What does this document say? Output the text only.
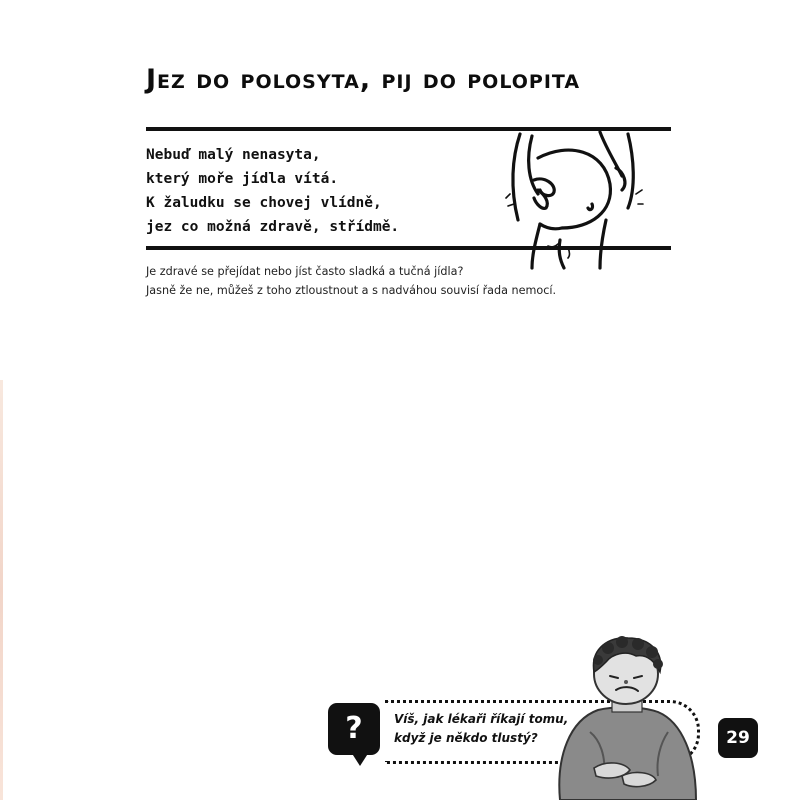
Jez do polosyta, pij do polopita
Nebuď malý nenasyta,
který moře jídla vítá.
K žaludku se chovej vlídně,
jez co možná zdravě, střídmě.
Je zdravé se přejídat nebo jíst často sladká a tučná jídla?
Jasně že ne, můžeš z toho ztloustnout a s nadváhou souvisí řada nemocí.
?	Víš, jak lékaři říkají tomu,
když je někdo tlustý?	29
